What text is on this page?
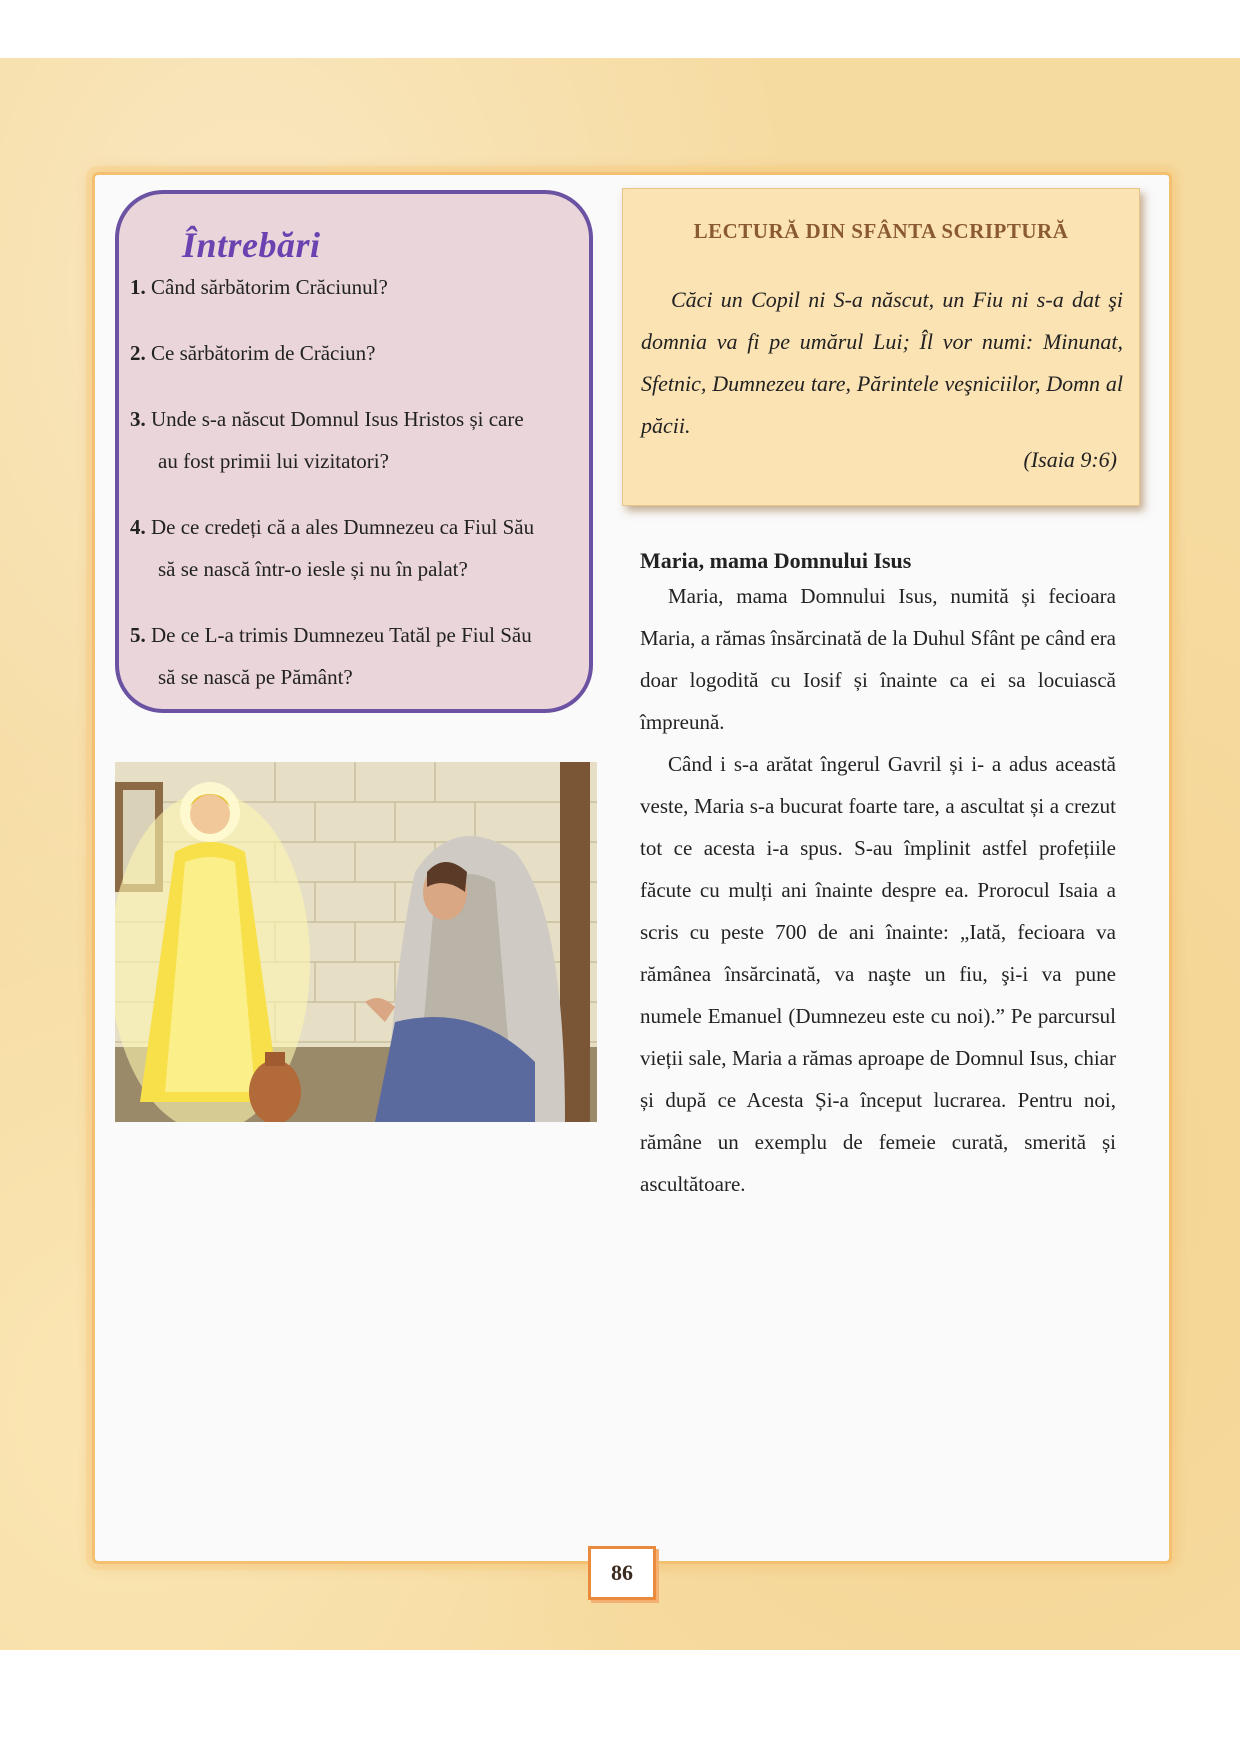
Întrebări
1. Când sărbătorim Crăciunul?
2. Ce sărbătorim de Crăciun?
3. Unde s-a născut Domnul Isus Hristos și care
au fost primii lui vizitatori?
4. De ce credeți că a ales Dumnezeu ca Fiul Său
să se nască într-o iesle și nu în palat?
5. De ce L-a trimis Dumnezeu Tatăl pe Fiul Său
să se nască pe Pământ?
LECTURĂ DIN SFÂNTA SCRIPTURĂ

Căci un Copil ni S-a născut, un Fiu ni s-a dat şi domnia va fi pe umărul Lui; Îl vor numi: Minunat, Sfetnic, Dumnezeu tare, Părintele veşniciilor, Domn al păcii.

(Isaia 9:6)

Maria, mama Domnului Isus

Maria, mama Domnului Isus, numită și fecioara Maria, a rămas însărcinată de la Duhul Sfânt pe când era doar logodită cu Iosif și înainte ca ei sa locuiască împreună.

Când i s-a arătat îngerul Gavril și i- a adus această veste, Maria s-a bucurat foarte tare, a ascultat și a crezut tot ce acesta i-a spus. S-au împlinit astfel profețiile făcute cu mulți ani înainte despre ea. Prorocul Isaia a scris cu peste 700 de ani înainte: „Iată, fecioara va rămânea însărcinată, va naşte un fiu, şi-i va pune numele Emanuel (Dumnezeu este cu noi).” Pe parcursul vieții sale, Maria a rămas aproape de Domnul Isus, chiar și după ce Acesta Și-a început lucrarea. Pentru noi, rămâne un exemplu de femeie curată, smerită și ascultătoare.

86
